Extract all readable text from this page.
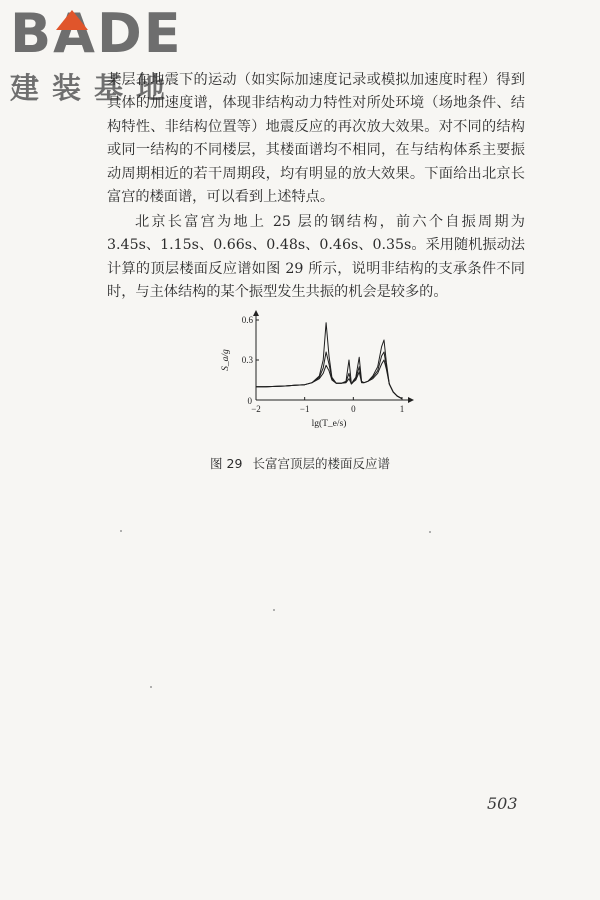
BADE
建装基地

某层在地震下的运动（如实际加速度记录或模拟加速度时程）得到具体的加速度谱，体现非结构动力特性对所处环境（场地条件、结构特性、非结构位置等）地震反应的再次放大效果。对不同的结构或同一结构的不同楼层，其楼面谱均不相同，在与结构体系主要振动周期相近的若干周期段，均有明显的放大效果。下面给出北京长富宫的楼面谱，可以看到上述特点。

北京长富宫为地上 25 层的钢结构，前六个自振周期为 3.45s、1.15s、0.66s、0.48s、0.46s、0.35s。采用随机振动法计算的顶层楼面反应谱如图 29 所示，说明非结构的支承条件不同时，与主体结构的某个振型发生共振的机会是较多的。

−2	−1	0	1
0.3
0.6
0
lg(T_e/s)
S_a/g
图 29 长富宫顶层的楼面反应谱
503
